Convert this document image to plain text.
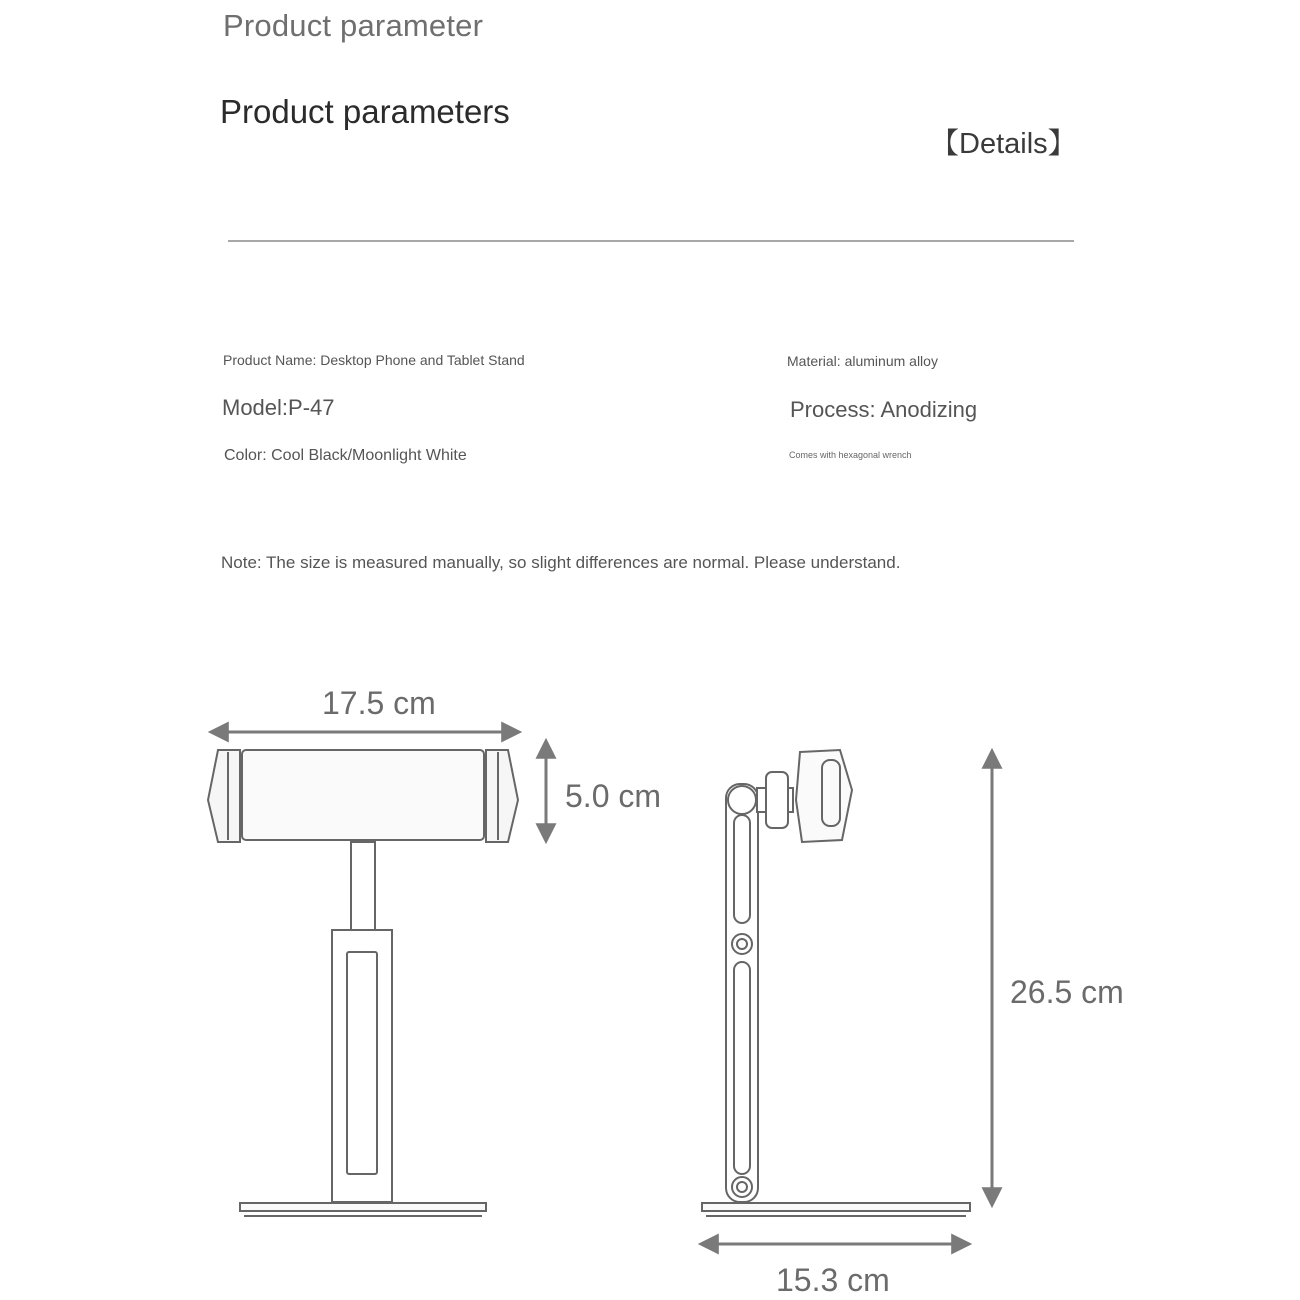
Product parameter
Product parameters
【Details】
Product Name: Desktop Phone and Tablet Stand	Material: aluminum alloy
Model:P-47	Process: Anodizing
Color: Cool Black/Moonlight White	Comes with hexagonal wrench
Note: The size is measured manually, so slight differences are normal. Please understand.
17.5 cm
5.0 cm
26.5 cm
15.3 cm
